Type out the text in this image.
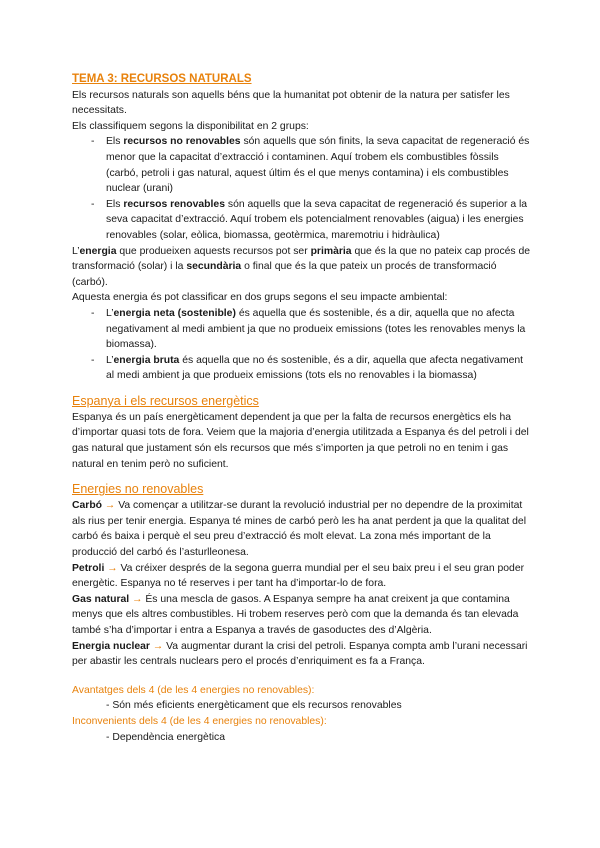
TEMA 3: RECURSOS NATURALS

Els recursos naturals son aquells béns que la humanitat pot obtenir de la natura per satisfer les necessitats.

Els classifiquem segons la disponibilitat en 2 grups:

- Els recursos no renovables són aquells que són finits, la seva capacitat de regeneració és menor que la capacitat d’extracció i contaminen. Aquí trobem els combustibles fòssils (carbó, petroli i gas natural, aquest últim és el que menys contamina) i els combustibles nuclear (urani)

- Els recursos renovables són aquells que la seva capacitat de regeneració és superior a la seva capacitat d’extracció. Aquí trobem els potencialment renovables (aigua) i les energies renovables (solar, eòlica, biomassa, geotèrmica, maremotriu i hidràulica)

L’energia que produeixen aquests recursos pot ser primària que és la que no pateix cap procés de transformació (solar) i la secundària o final que és la que pateix un procés de transformació (carbó).

Aquesta energia és pot classificar en dos grups segons el seu impacte ambiental:

- L’energia neta (sostenible) és aquella que és sostenible, és a dir, aquella que no afecta negativament al medi ambient ja que no produeix emissions (totes les renovables menys la biomassa).

- L’energia bruta és aquella que no és sostenible, és a dir, aquella que afecta negativament al medi ambient ja que produeix emissions (tots els no renovables i la biomassa)

Espanya i els recursos energètics

Espanya és un país energèticament dependent ja que per la falta de recursos energètics els ha d’importar quasi tots de fora. Veiem que la majoria d’energia utilitzada a Espanya és del petroli i del gas natural que justament són els recursos que més s’importen ja que petroli no en tenim i gas natural en tenim però no suficient.

Energies no renovables

Carbó → Va començar a utilitzar-se durant la revolució industrial per no dependre de la proximitat als rius per tenir energia. Espanya té mines de carbó però les ha anat perdent ja que la qualitat del carbó és baixa i perquè el seu preu d’extracció és molt elevat. La zona més important de la producció del carbó és l’asturlleonesa.

Petroli → Va créixer després de la segona guerra mundial per el seu baix preu i el seu gran poder energètic. Espanya no té reserves i per tant ha d’importar-lo de fora.

Gas natural → És una mescla de gasos. A Espanya sempre ha anat creixent ja que contamina menys que els altres combustibles. Hi trobem reserves però com que la demanda és tan elevada també s’ha d’importar i entra a Espanya a través de gasoductes des d’Algèria.

Energia nuclear → Va augmentar durant la crisi del petroli. Espanya compta amb l’urani necessari per abastir les centrals nuclears pero el procés d’enriquiment es fa a França.

Avantatges dels 4 (de les 4 energies no renovables):

- Són més eficients energèticament que els recursos renovables

Inconvenients dels 4 (de les 4 energies no renovables):

- Dependència energètica
